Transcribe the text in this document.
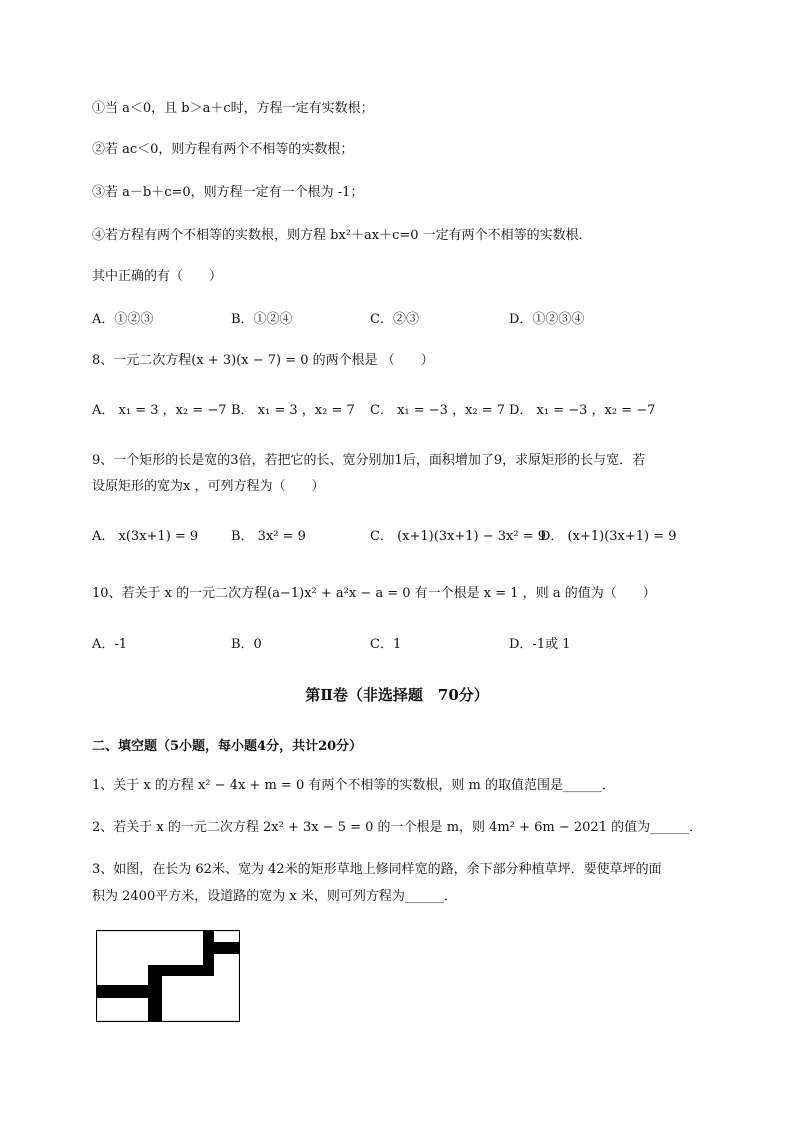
①当 a＜0，且 b＞a＋c时，方程一定有实数根；
②若 ac＜0，则方程有两个不相等的实数根；
③若 a－b＋c=0，则方程一定有一个根为 -1；
④若方程有两个不相等的实数根，则方程 bx²＋ax＋c=0 一定有两个不相等的实数根．
其中正确的有（　　）
A．①②③	B．①②④	C．②③	D．①②③④
8、一元二次方程(x + 3)(x − 7) = 0 的两个根是 （　　）
A． x₁ = 3 ，x₂ = −7 B． x₁ = 3 ，x₂ = 7 C． x₁ = −3 ，x₂ = 7 D． x₁ = −3 ，x₂ = −7
9、一个矩形的长是宽的3倍，若把它的长、宽分别加1后，面积增加了9，求原矩形的长与宽．若
设原矩形的宽为x ，可列方程为（　　）
A． x(3x+1) = 9	B． 3x² = 9	C． (x+1)(3x+1) − 3x² = 9
D． (x+1)(3x+1) = 9
10、若关于 x 的一元二次方程(a−1)x² + a²x − a = 0 有一个根是 x = 1 ，则 a 的值为（　　）
A．-1	B．0	C．1	D．-1或 1
第Ⅱ卷（非选择题　70分）
二、填空题（5小题，每小题4分，共计20分）
1、关于 x 的方程 x² − 4x + m = 0 有两个不相等的实数根，则 m 的取值范围是______．
2、若关于 x 的一元二次方程 2x² + 3x − 5 = 0 的一个根是 m，则 4m² + 6m − 2021 的值为______．
3、如图，在长为 62米、宽为 42米的矩形草地上修同样宽的路，余下部分种植草坪．要使草坪的面
积为 2400平方米，设道路的宽为 x 米，则可列方程为______．
